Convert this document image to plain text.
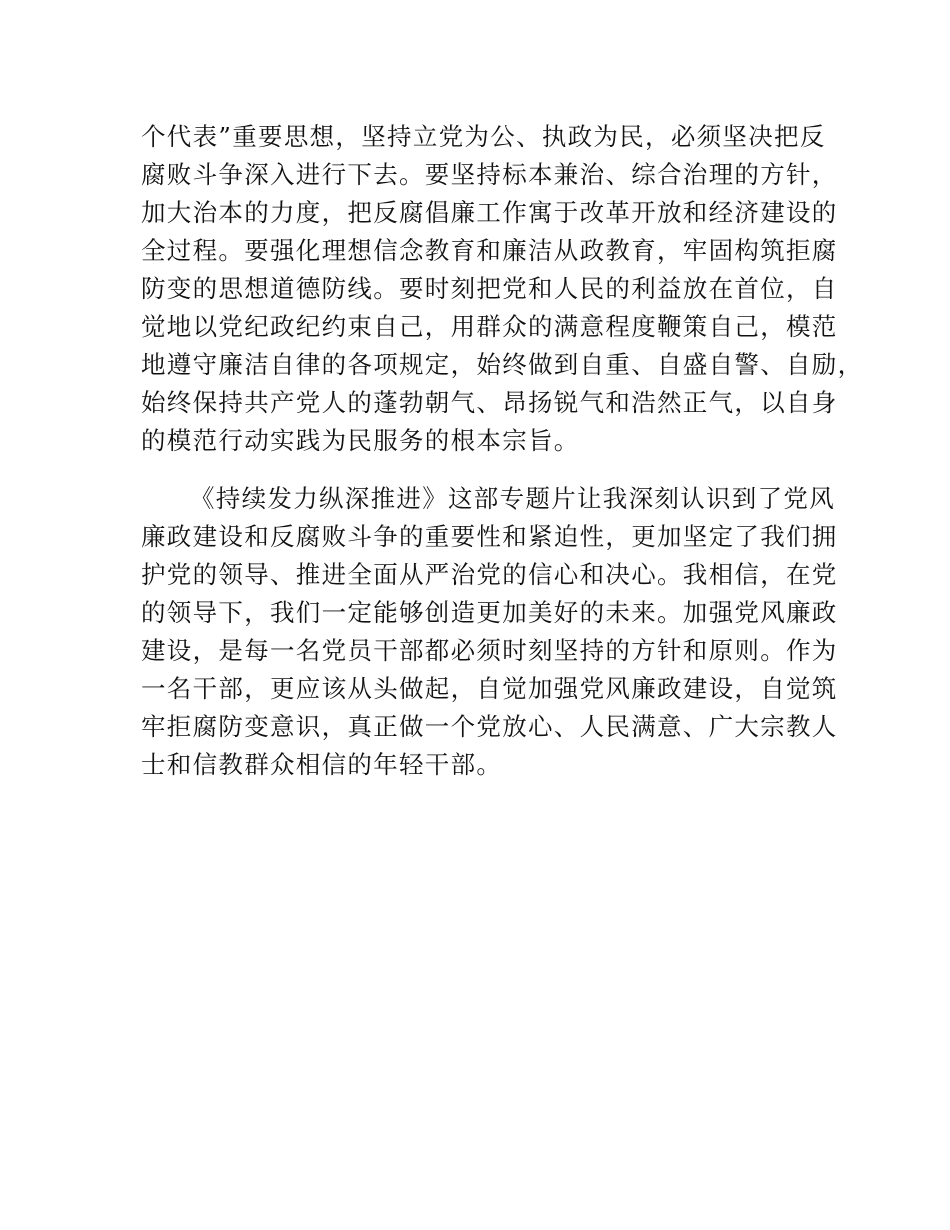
个代表”重要思想，坚持立党为公、执政为民，必须坚决把反
腐败斗争深入进行下去。要坚持标本兼治、综合治理的方针，
加大治本的力度，把反腐倡廉工作寓于改革开放和经济建设的
全过程。要强化理想信念教育和廉洁从政教育，牢固构筑拒腐
防变的思想道德防线。要时刻把党和人民的利益放在首位，自
觉地以党纪政纪约束自己，用群众的满意程度鞭策自己，模范
地遵守廉洁自律的各项规定，始终做到自重、自盛自警、自励，
始终保持共产党人的蓬勃朝气、昂扬锐气和浩然正气，以自身
的模范行动实践为民服务的根本宗旨。
《持续发力纵深推进》这部专题片让我深刻认识到了党风
廉政建设和反腐败斗争的重要性和紧迫性，更加坚定了我们拥
护党的领导、推进全面从严治党的信心和决心。我相信，在党
的领导下，我们一定能够创造更加美好的未来。加强党风廉政
建设，是每一名党员干部都必须时刻坚持的方针和原则。作为
一名干部，更应该从头做起，自觉加强党风廉政建设，自觉筑
牢拒腐防变意识，真正做一个党放心、人民满意、广大宗教人
士和信教群众相信的年轻干部。
